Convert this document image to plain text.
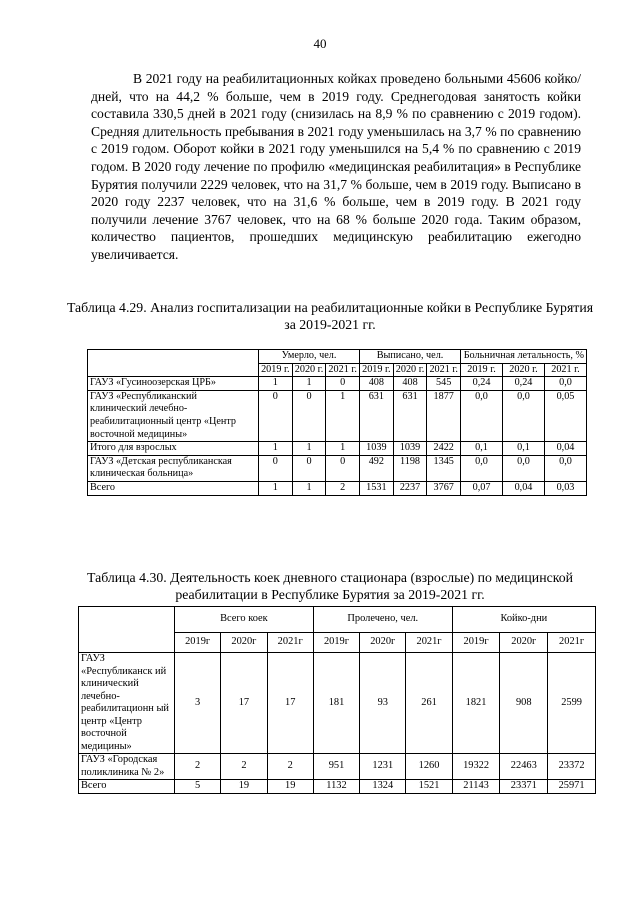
40

В 2021 году на реабилитационных койках проведено больными 45606 койко/дней, что на 44,2 % больше, чем в 2019 году. Среднегодовая занятость койки составила 330,5 дней в 2021 году (снизилась на 8,9 % по сравнению с 2019 годом). Средняя длительность пребывания в 2021 году уменьшилась на 3,7 % по сравнению с 2019 годом. Оборот койки в 2021 году уменьшился на 5,4 % по сравнению с 2019 годом. В 2020 году лечение по профилю «медицинская реабилитация» в Республике Бурятия получили 2229 человек, что на 31,7 % больше, чем в 2019 году. Выписано в 2020 году 2237 человек, что на 31,6 % больше, чем в 2019 году. В 2021 году получили лечение 3767 человек, что на 68 % больше 2020 года. Таким образом, количество пациентов, прошедших медицинскую реабилитацию ежегодно увеличивается.

Таблица 4.29. Анализ госпитализации на реабилитационные койки в Республике Бурятия за 2019-2021 гг.

	Умерло, чел.			Выписано, чел.			Больничная летальность, %		
	2019 г.	2020 г.	2021 г.	2019 г.	2020 г.	2021 г.	2019 г.	2020 г.	2021 г.
ГАУЗ «Гусиноозерская ЦРБ»	1	1	0	408	408	545	0,24	0,24	0,0
ГАУЗ «Республиканский клинический лечебно-реабилитационный центр «Центр восточной медицины»	0	0	1	631	631	1877	0,0	0,0	0,05
Итого для взрослых	1	1	1	1039	1039	2422	0,1	0,1	0,04
ГАУЗ «Детская республиканская клиническая больница»	0	0	0	492	1198	1345	0,0	0,0	0,0
Всего	1	1	2	1531	2237	3767	0,07	0,04	0,03

Таблица 4.30. Деятельность коек дневного стационара (взрослые) по медицинской реабилитации в Республике Бурятия за 2019-2021 гг.

	Всего коек			Пролечено, чел.			Койко-дни		
	2019г	2020г	2021г	2019г	2020г	2021г	2019г	2020г	2021г
ГАУЗ «Республиканск ий клинический лечебно-реабилитационн ый центр «Центр восточной медицины»	3	17	17	181	93	261	1821	908	2599
ГАУЗ «Городская поликлиника № 2»	2	2	2	951	1231	1260	19322	22463	23372
Всего	5	19	19	1132	1324	1521	21143	23371	25971
